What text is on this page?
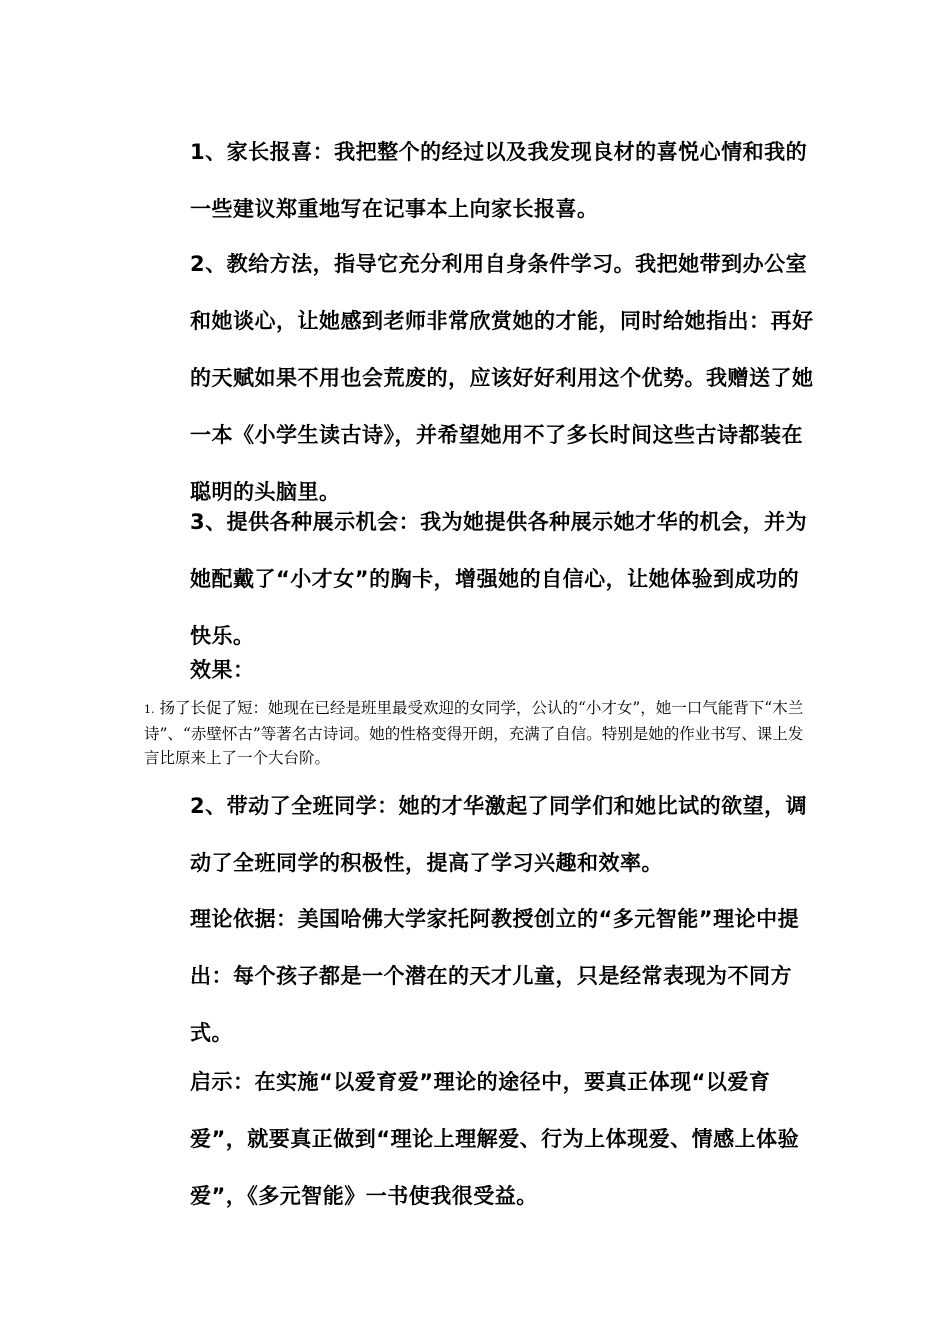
1、家长报喜：我把整个的经过以及我发现良材的喜悦心情和我的一些建议郑重地写在记事本上向家长报喜。

2、教给方法，指导它充分利用自身条件学习。我把她带到办公室和她谈心，让她感到老师非常欣赏她的才能，同时给她指出：再好的天赋如果不用也会荒废的，应该好好利用这个优势。我赠送了她一本《小学生读古诗》，并希望她用不了多长时间这些古诗都装在聪明的头脑里。

3、提供各种展示机会：我为她提供各种展示她才华的机会，并为她配戴了“小才女”的胸卡，增强她的自信心，让她体验到成功的快乐。

效果：

1. 扬了长促了短：她现在已经是班里最受欢迎的女同学，公认的“小才女”，她一口气能背下“木兰诗”、“赤壁怀古”等著名古诗词。她的性格变得开朗，充满了自信。特别是她的作业书写、课上发言比原来上了一个大台阶。

2、带动了全班同学：她的才华激起了同学们和她比试的欲望，调动了全班同学的积极性，提高了学习兴趣和效率。

理论依据：美国哈佛大学家托阿教授创立的“多元智能”理论中提出：每个孩子都是一个潜在的天才儿童，只是经常表现为不同方式。

启示：在实施“以爱育爱”理论的途径中，要真正体现“以爱育爱”，就要真正做到“理论上理解爱、行为上体现爱、情感上体验爱”，《多元智能》一书使我很受益。
